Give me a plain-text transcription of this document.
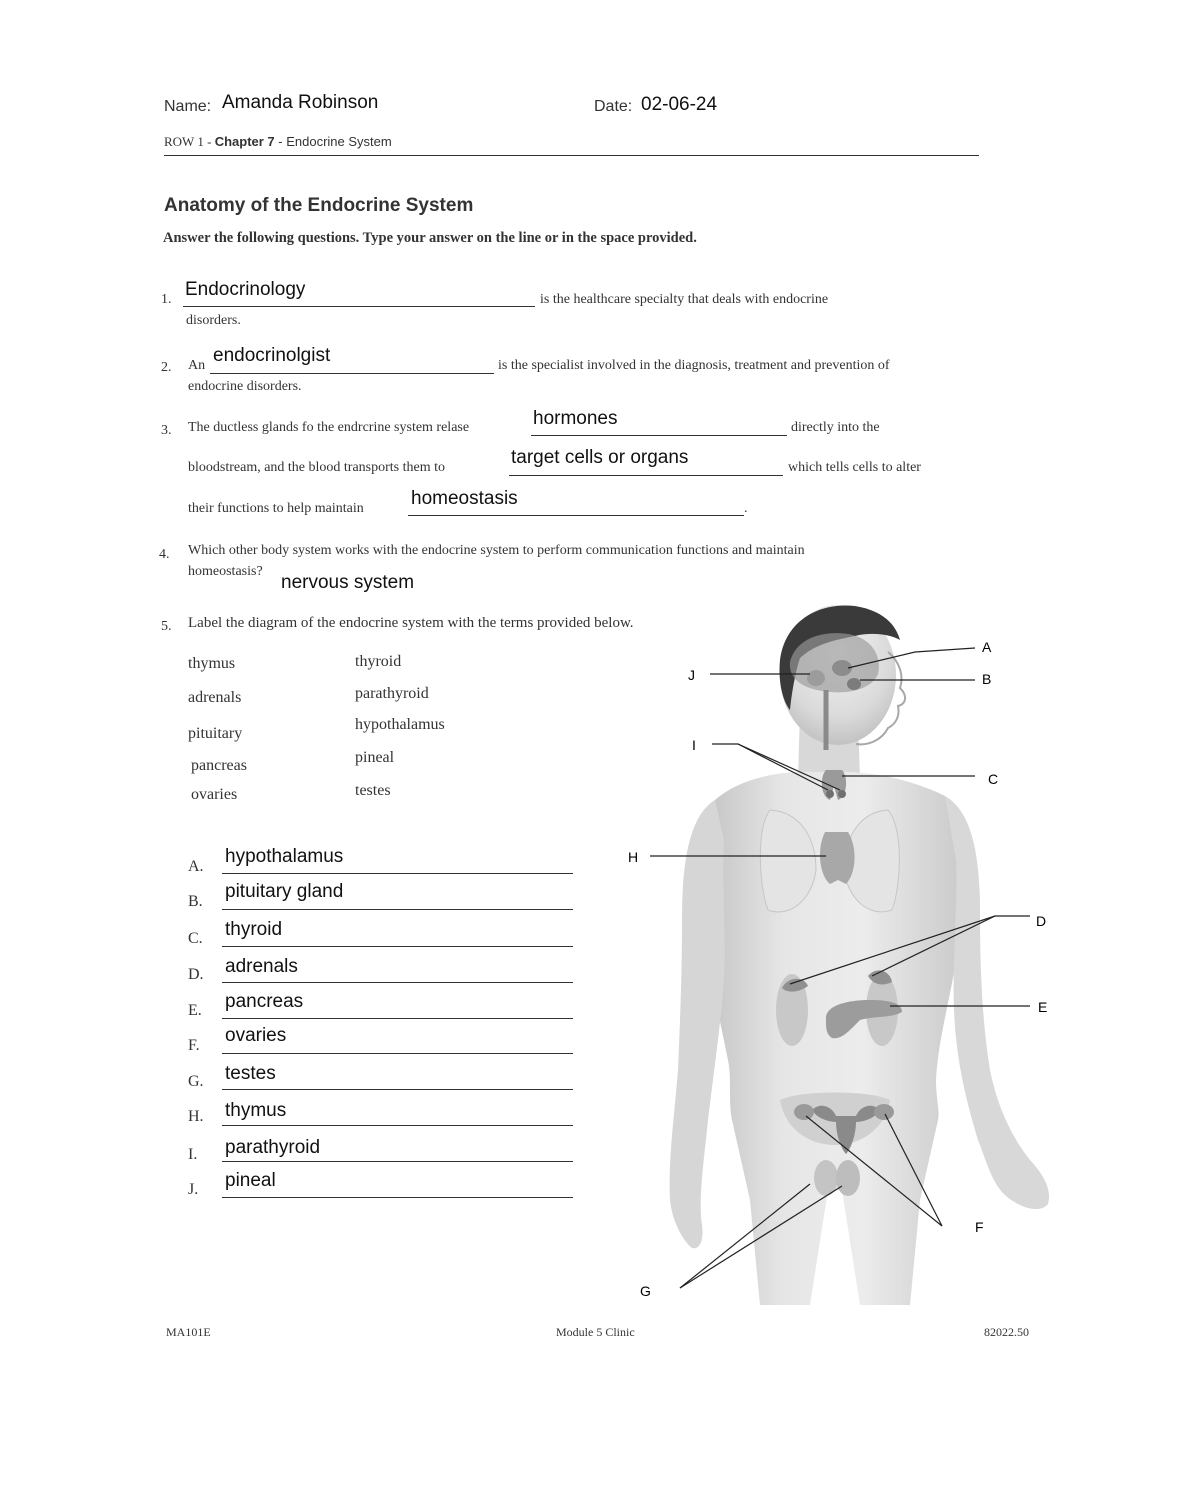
Name: Amanda Robinson	Date: 02-06-24
ROW 1 - Chapter 7 - Endocrine System
Anatomy of the Endocrine System
Answer the following questions. Type your answer on the line or in the space provided.
1. Endocrinology	is the healthcare specialty that deals with endocrine
disorders.
2. An endocrinolgist	is the specialist involved in the diagnosis, treatment and prevention of
endocrine disorders.
3. The ductless glands fo the endrcrine system relase	hormones	directly into the
bloodstream, and the blood transports them to	target cells or organs	which tells cells to alter
their functions to help maintain homeostasis	.
4. Which other body system works with the endocrine system to perform communication functions and maintain
homeostasis?
nervous system
5. Label the diagram of the endocrine system with the terms provided below.
thymus
adrenals
pituitary
pancreas
ovaries
thyroid
parathyroid
hypothalamus
pineal
testes
A. hypothalamus
B. pituitary gland
C. thyroid
D. adrenals
E. pancreas
F. ovaries
G. testes
H. thymus
I. parathyroid
J. pineal
A
B
C
D
E
F
G
H
I
J
MA101E	Module 5 Clinic	82022.50
